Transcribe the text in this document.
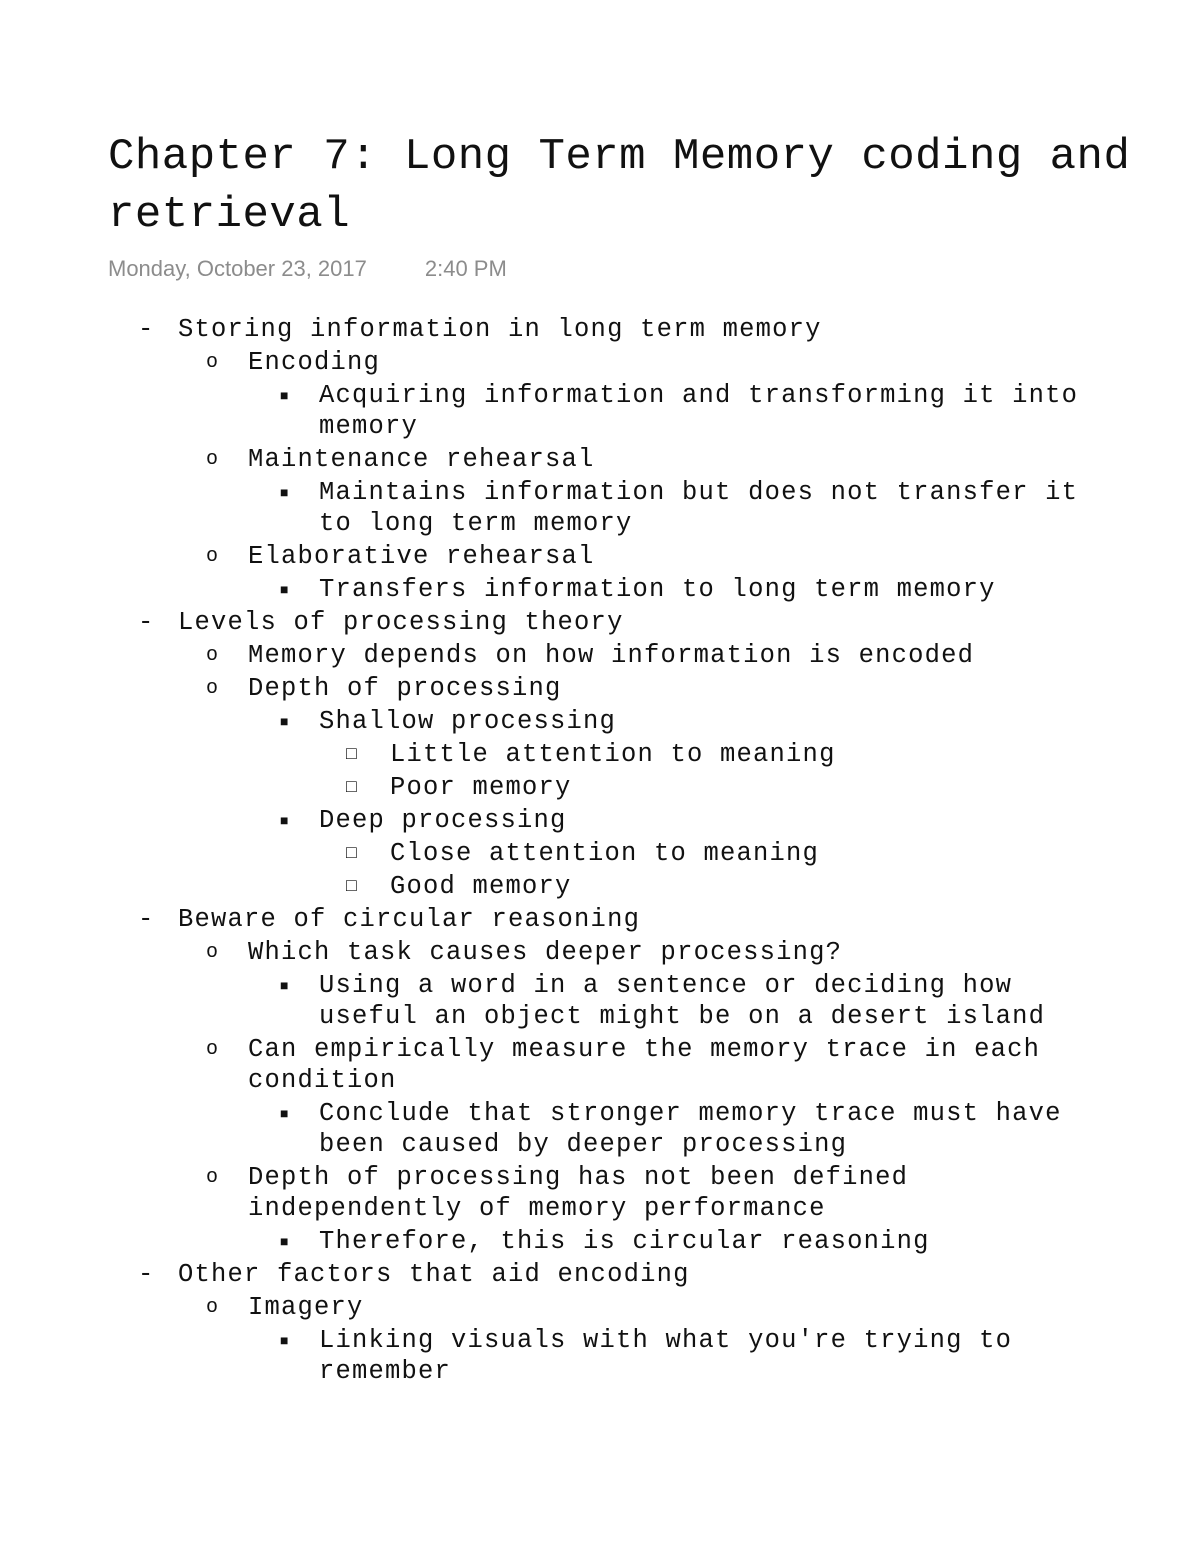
Chapter 7: Long Term Memory coding and retrieval
Monday, October 23, 2017	2:40 PM
- Storing information in long term memory
o	Encoding
■	Acquiring information and transforming it into memory
o	Maintenance rehearsal
■	Maintains information but does not transfer it to long term memory
o	Elaborative rehearsal
■	Transfers information to long term memory
- Levels of processing theory
o	Memory depends on how information is encoded
o	Depth of processing
■	Shallow processing
□	Little attention to meaning
□	Poor memory
■	Deep processing
□	Close attention to meaning
□	Good memory
- Beware of circular reasoning
o	Which task causes deeper processing?
■	Using a word in a sentence or deciding how useful an object might be on a desert island
o	Can empirically measure the memory trace in each condition
■	Conclude that stronger memory trace must have been caused by deeper processing
o	Depth of processing has not been defined independently of memory performance
■	Therefore, this is circular reasoning
- Other factors that aid encoding
o	Imagery
■	Linking visuals with what you're trying to remember
